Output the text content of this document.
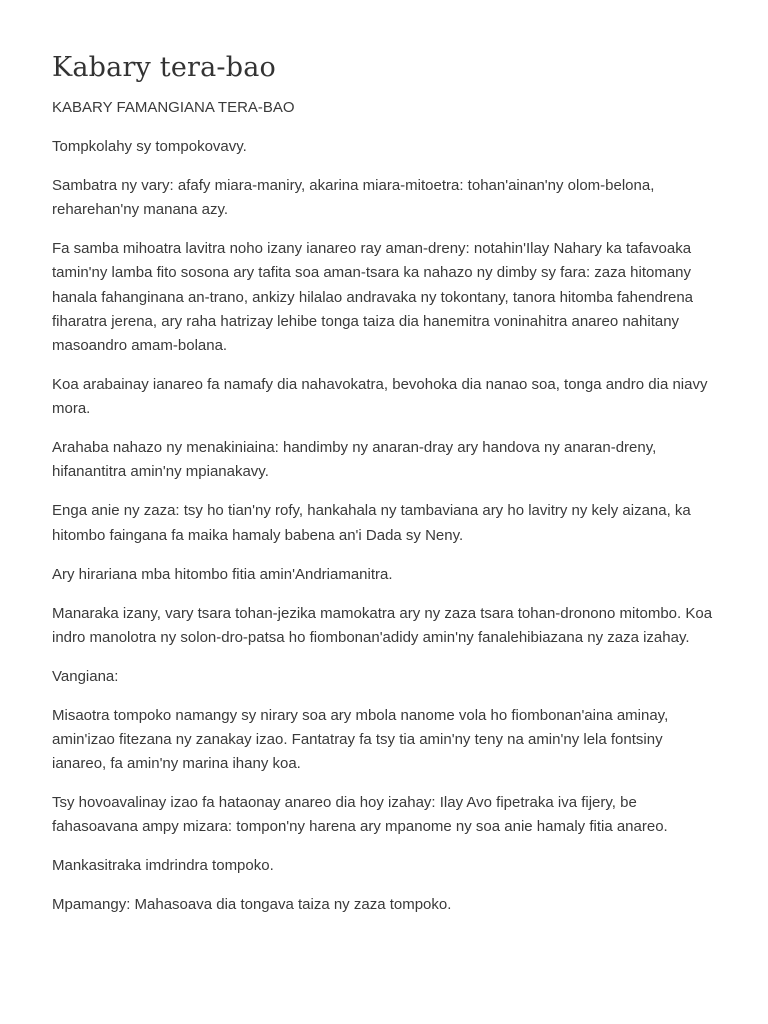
Kabary tera-bao

KABARY FAMANGIANA TERA-BAO

Tompkolahy sy tompokovavy.

Sambatra ny vary: afafy miara-maniry, akarina miara-mitoetra: tohan'ainan'ny olom-belona, reharehan'ny manana azy.

Fa samba mihoatra lavitra noho izany ianareo ray aman-dreny: notahin'Ilay Nahary ka tafavoaka tamin'ny lamba fito sosona ary tafita soa aman-tsara ka nahazo ny dimby sy fara: zaza hitomany hanala fahanginana an-trano, ankizy hilalao andravaka ny tokontany, tanora hitomba fahendrena fiharatra jerena, ary raha hatrizay lehibe tonga taiza dia hanemitra voninahitra anareo nahitany masoandro amam-bolana.

Koa arabainay ianareo fa namafy dia nahavokatra, bevohoka dia nanao soa, tonga andro dia niavy mora.

Arahaba nahazo ny menakiniaina: handimby ny anaran-dray ary handova ny anaran-dreny, hifanantitra amin'ny mpianakavy.

Enga anie ny zaza: tsy ho tian'ny rofy, hankahala ny tambaviana ary ho lavitry ny kely aizana, ka hitombo faingana fa maika hamaly babena an'i Dada sy Neny.

Ary hirariana mba hitombo fitia amin'Andriamanitra.

Manaraka izany, vary tsara tohan-jezika mamokatra ary ny zaza tsara tohan-dronono mitombo. Koa indro manolotra ny solon-dro-patsa ho fiombonan'adidy amin'ny fanalehibiazana ny zaza izahay.

Vangiana:

Misaotra tompoko namangy sy nirary soa ary mbola nanome vola ho fiombonan'aina aminay, amin'izao fitezana ny zanakay izao. Fantatray fa tsy tia amin'ny teny na amin'ny lela fontsiny ianareo, fa amin'ny marina ihany koa.

Tsy hovoavalinay izao fa hataonay anareo dia hoy izahay: Ilay Avo fipetraka iva fijery, be fahasoavana ampy mizara: tompon'ny harena ary mpanome ny soa anie hamaly fitia anareo.

Mankasitraka imdrindra tompoko.

Mpamangy: Mahasoava dia tongava taiza ny zaza tompoko.
